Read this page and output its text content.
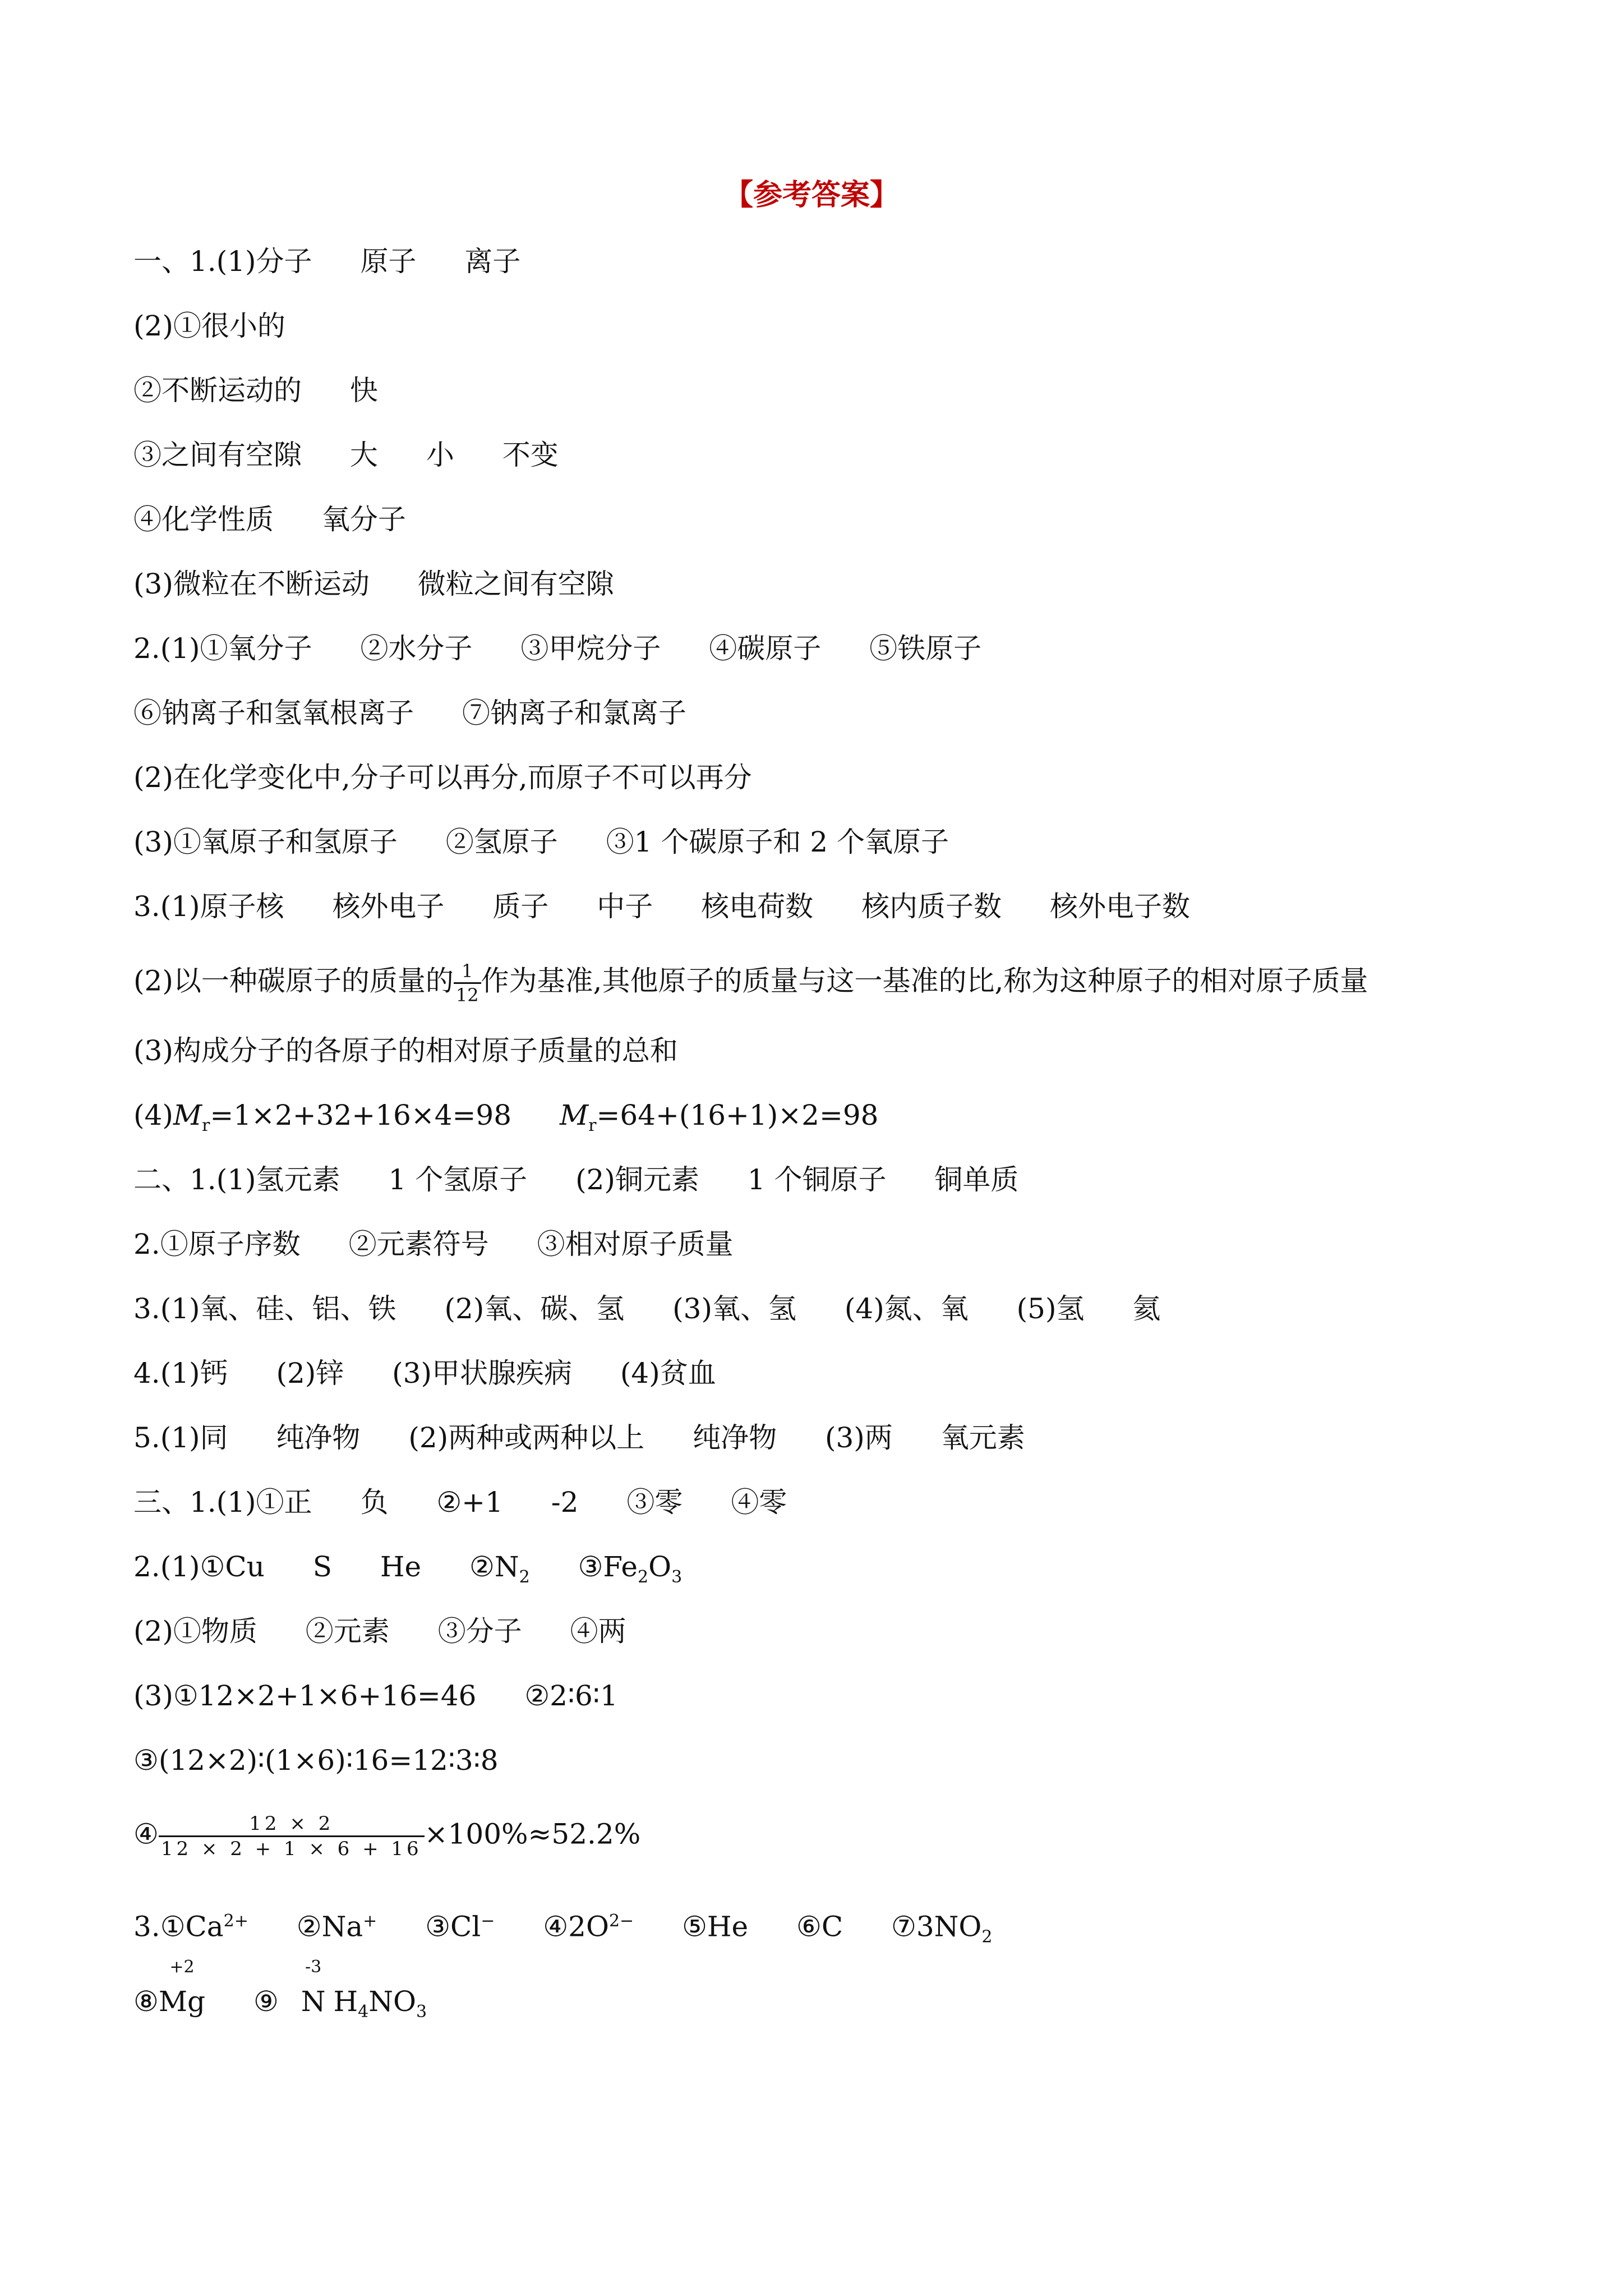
【参考答案】
一、1.(1)分子 原子 离子
(2)①很小的
②不断运动的 快
③之间有空隙 大 小 不变
④化学性质 氧分子
(3)微粒在不断运动 微粒之间有空隙
2.(1)①氧分子 ②水分子 ③甲烷分子 ④碳原子 ⑤铁原子
⑥钠离子和氢氧根离子 ⑦钠离子和氯离子
(2)在化学变化中,分子可以再分,而原子不可以再分
(3)①氧原子和氢原子 ②氢原子 ③1 个碳原子和 2 个氧原子
3.(1)原子核 核外电子 质子 中子 核电荷数 核内质子数 核外电子数
(2)以一种碳原子的质量的 $\frac{1}{12}$ 作为基准,其他原子的质量与这一基准的比,称为这种原子的相对原子质量
(3)构成分子的各原子的相对原子质量的总和
$(4)M_r=1\times 2+32+16\times 4=98$ $M_r=64+(16+1)\times 2=98$
二、1.(1)氢元素 1 个氢原子 (2)铜元素 1 个铜原子 铜单质
2.①原子序数 ②元素符号 ③相对原子质量
3.(1)氧、硅、铝、铁 (2)氧、碳、氢 (3)氧、氢 (4)氮、氧 (5)氢 氦
4.(1)钙 (2)锌 (3)甲状腺疾病 (4)贫血
5.(1)同 纯净物 (2)两种或两种以上 纯净物 (3)两 氧元素
三、1.(1)①正 负 ②+1 -2 ③零 ④零
2.(1)①Cu S He $②N_2$ $③Fe_2O_3$
(2)①物质 ②元素 ③分子 ④两
(3)①12×2+1×6+16=46 ②2∶6∶1
③(12×2)∶(1×6)∶16=12∶3∶8
④ $\frac{12 \times 2}{12 \times 2 + 1 \times 6 + 16} \times 100\%\approx 52.2\%$
$3.①Ca^{2+}$ ②Na+ ③Cl− $④2O^{2-}$ ⑤He ⑥C $⑦3NO_2$
⑧
+2
Mg ⑨
-3
N $H_4NO_3$
